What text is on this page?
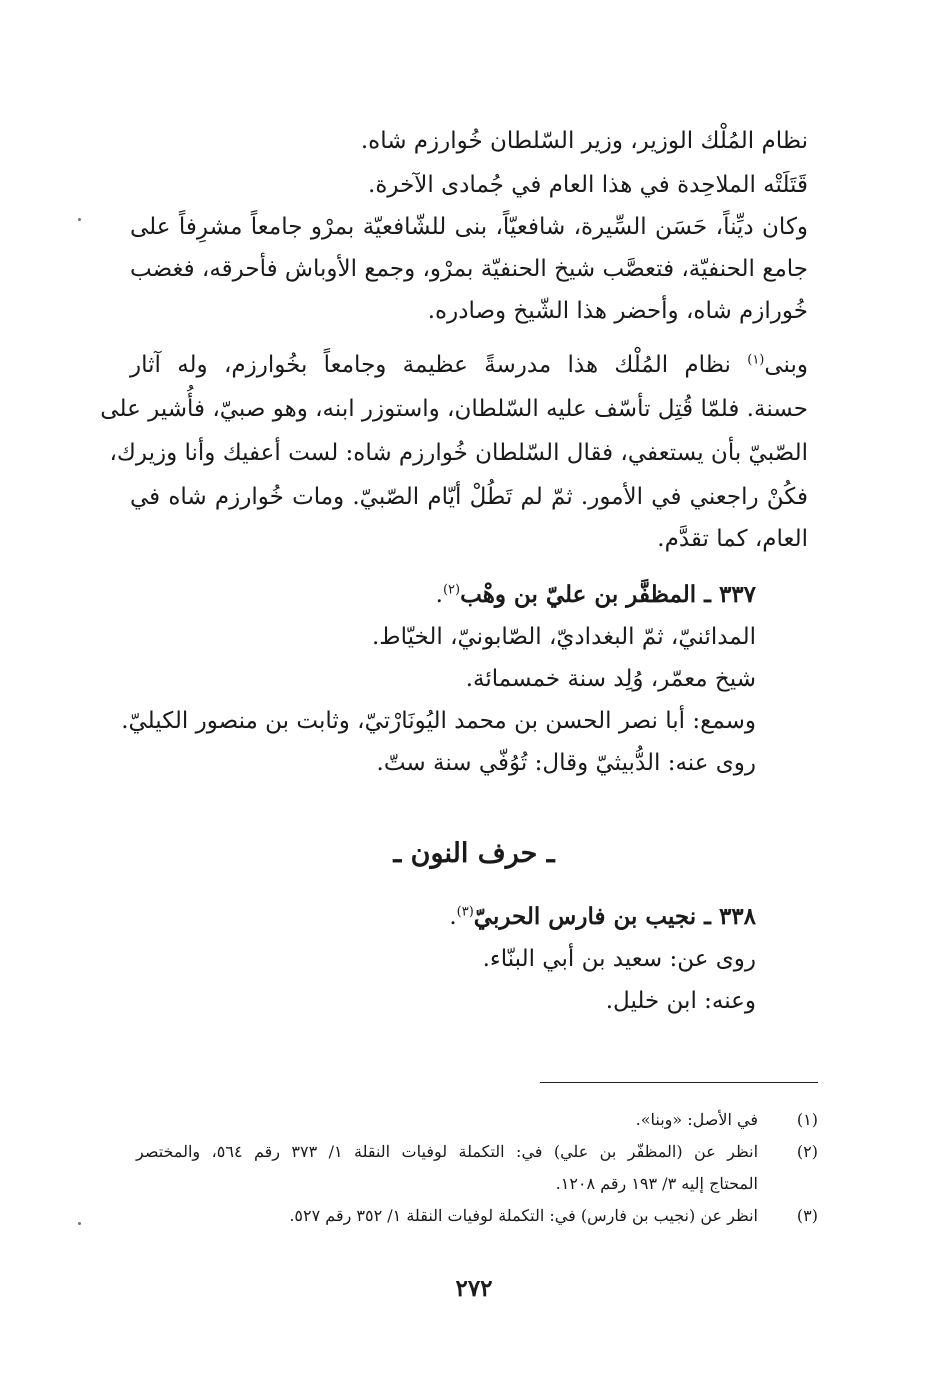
نظام المُلْك الوزير، وزير السّلطان خُوارزم شاه.
قَتَلَتْه الملاحِدة في هذا العام في جُمادى الآخرة.
وكان ديِّناً، حَسَن السِّيرة، شافعيّاً، بنى للشّافعيّة بمرْو جامعاً مشرِفاً على
جامع الحنفيّة، فتعصَّب شيخ الحنفيّة بمرْو، وجمع الأوباش فأحرقه، فغضب
خُورازم شاه، وأحضر هذا الشّيخ وصادره.
وبنى$^{(١)}$ نظام المُلْك هذا مدرسةً عظيمة وجامعاً بخُوارزم، وله آثار
حسنة. فلمّا قُتِل تأسّف عليه السّلطان، واستوزر ابنه، وهو صبيّ، فأُشير على
الصّبيّ بأن يستعفي، فقال السّلطان خُوارزم شاه: لست أعفيك وأنا وزيرك،
فكُنْ راجعني في الأمور. ثمّ لم تَطُلْ أيّام الصّبيّ. ومات خُوارزم شاه في
العام، كما تقدَّم.
٣٣٧ ـ المظفَّر بن عليّ بن وهْب$^{(٢)}$.
المدائنيّ، ثمّ البغداديّ، الصّابونيّ، الخيّاط.
شيخ معمّر، وُلِد سنة خمسمائة.
وسمع: أبا نصر الحسن بن محمد اليُونَارْتيّ، وثابت بن منصور الكيليّ.
روى عنه: الدُّبيثيّ وقال: تُوُفّي سنة ستّ.
ـ حرف النون ـ
٣٣٨ ـ نجيب بن فارس الحربيّ$^{(٣)}$.
روى عن: سعيد بن أبي البنّاء.
وعنه: ابن خليل.
(١)
في الأصل: «وبنا».
(٢)
انظر عن (المظفّر بن علي) في: التكملة لوفيات النقلة ١/ ٣٧٣ رقم ٥٦٤، والمختصر
المحتاج إليه ٣/ ١٩٣ رقم ١٢٠٨.
(٣)
انظر عن (نجيب بن فارس) في: التكملة لوفيات النقلة ١/ ٣٥٢ رقم ٥٢٧.
٢٧٢
